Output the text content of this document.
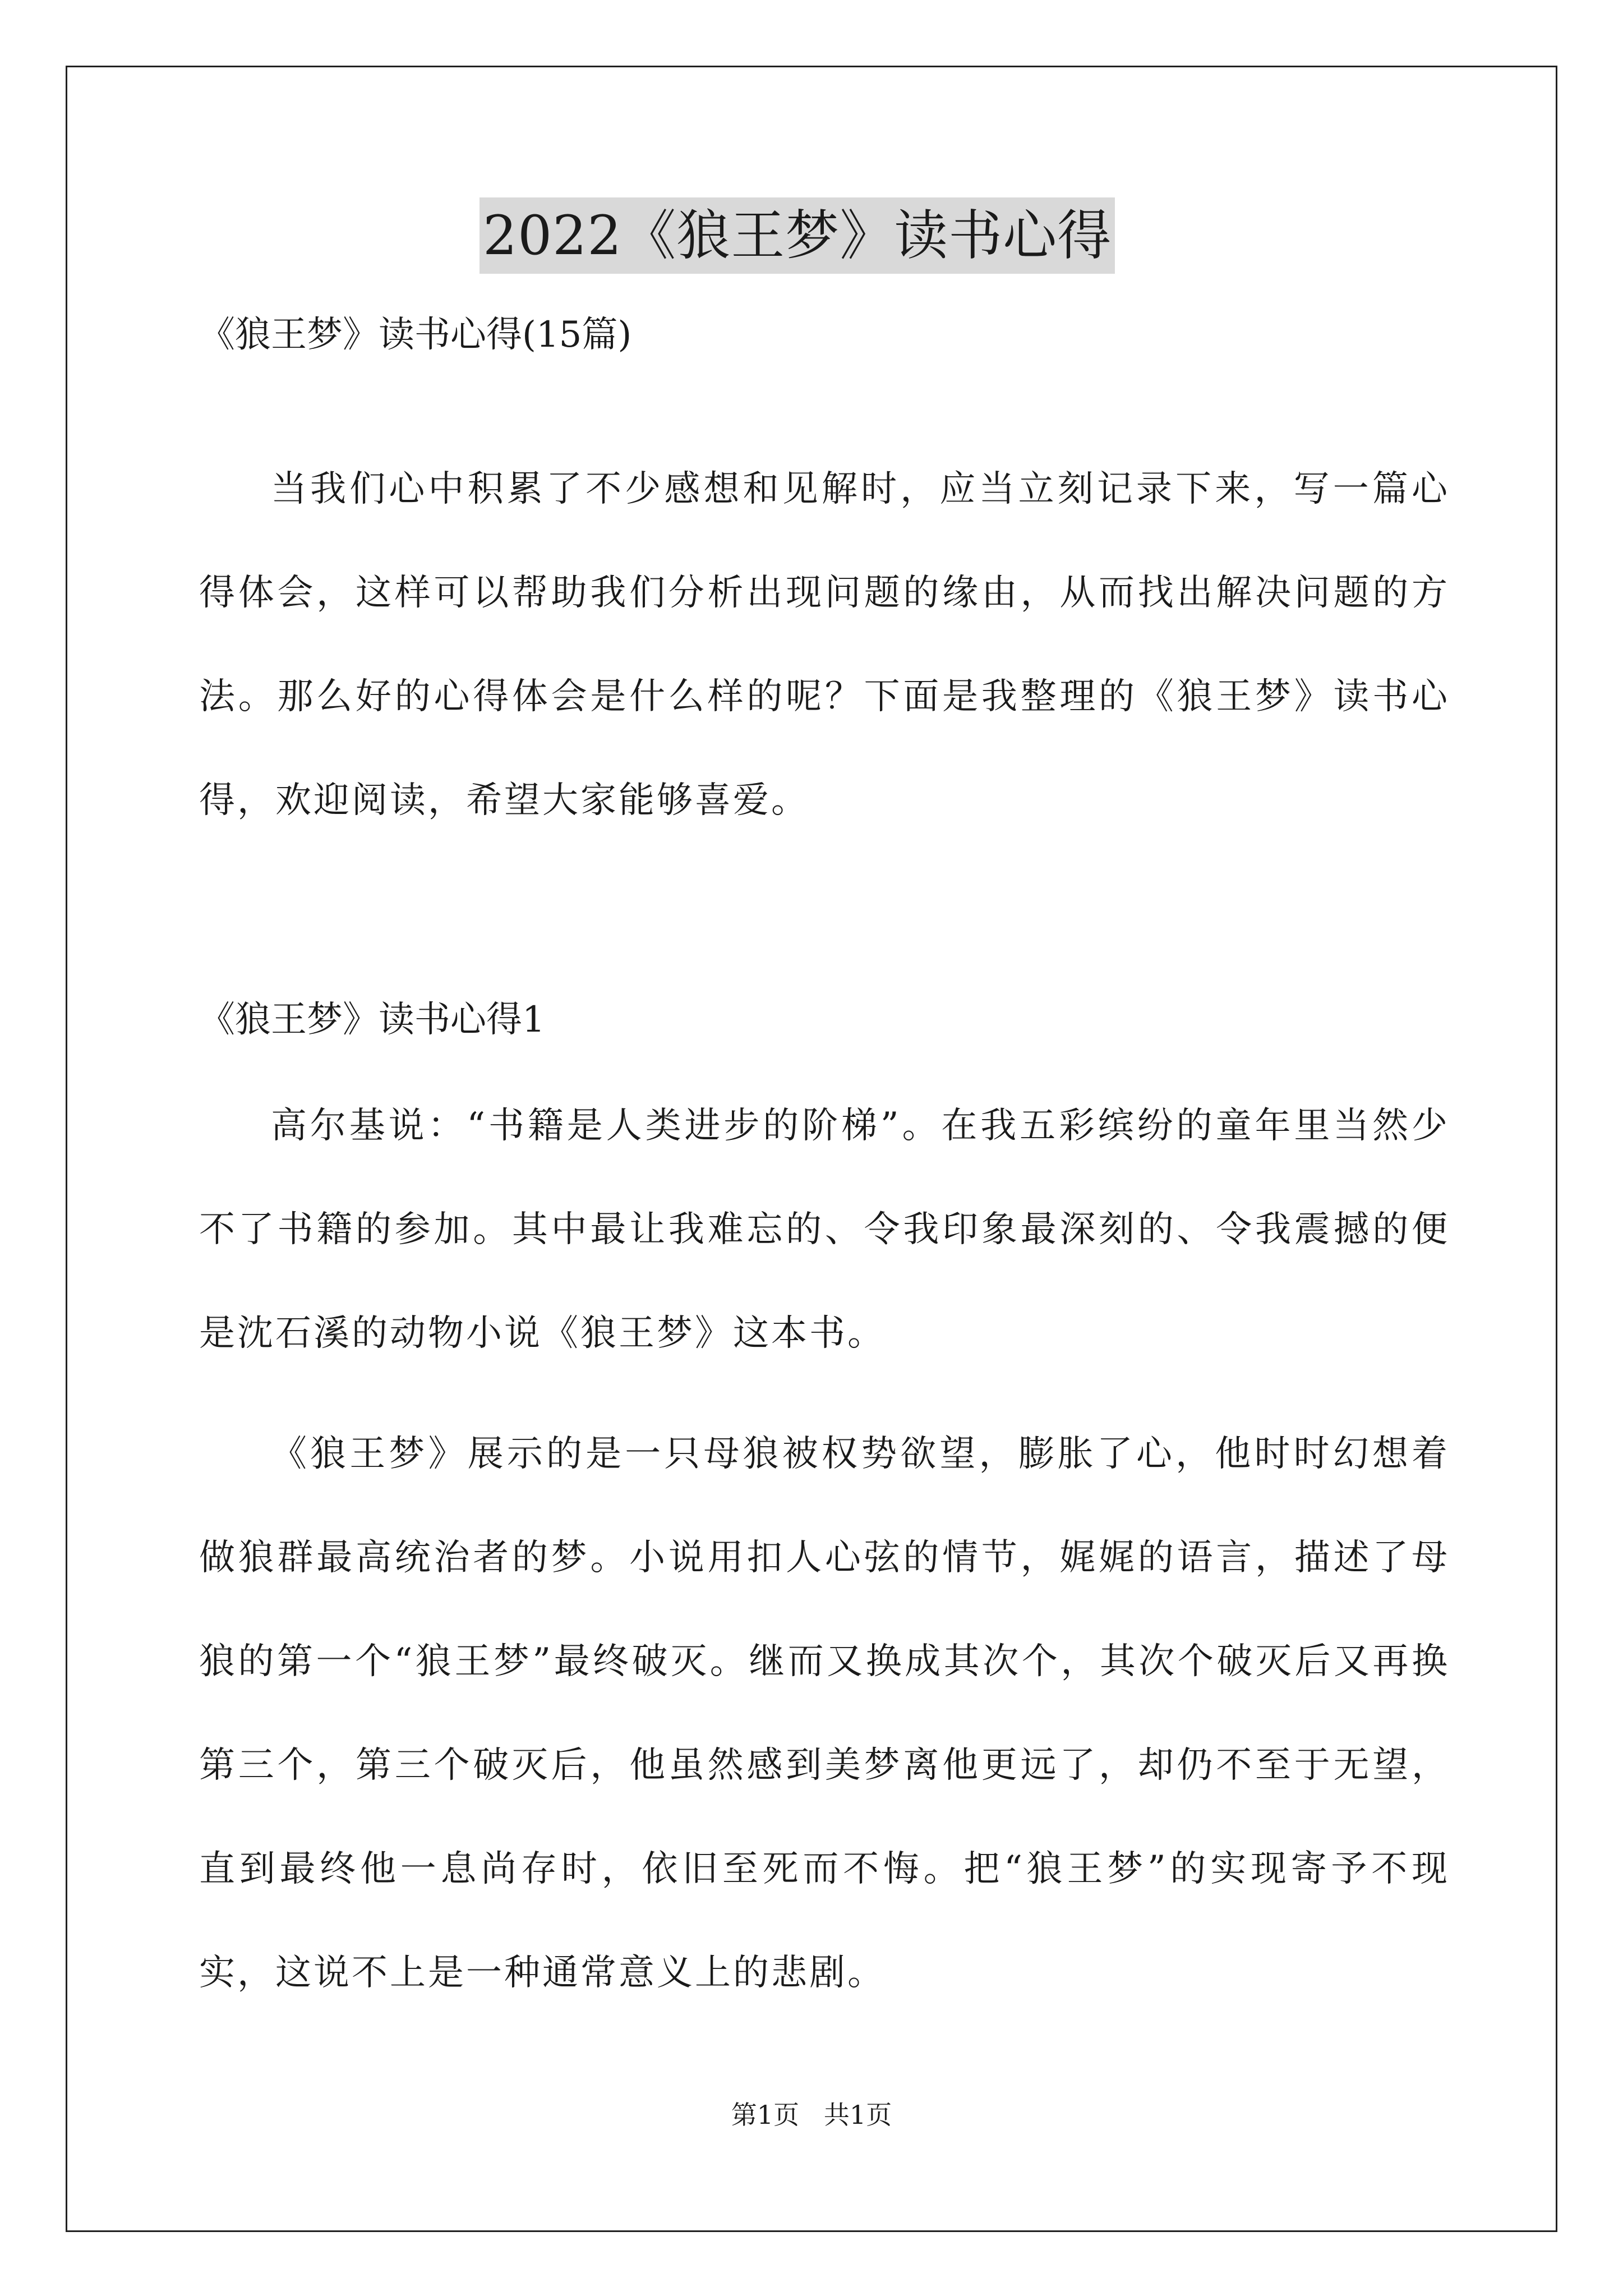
2022《狼王梦》读书心得
《狼王梦》读书心得(15篇)

当我们心中积累了不少感想和见解时，应当立刻记录下来，写一篇心得体会，这样可以帮助我们分析出现问题的缘由，从而找出解决问题的方法。那么好的心得体会是什么样的呢？下面是我整理的《狼王梦》读书心得，欢迎阅读，希望大家能够喜爱。

《狼王梦》读书心得1

高尔基说：“书籍是人类进步的阶梯”。在我五彩缤纷的童年里当然少不了书籍的参加。其中最让我难忘的、令我印象最深刻的、令我震撼的便是沈石溪的动物小说《狼王梦》这本书。

《狼王梦》展示的是一只母狼被权势欲望，膨胀了心，他时时幻想着做狼群最高统治者的梦。小说用扣人心弦的情节，娓娓的语言，描述了母狼的第一个“狼王梦”最终破灭。继而又换成其次个，其次个破灭后又再换第三个，第三个破灭后，他虽然感到美梦离他更远了，却仍不至于无望，直到最终他一息尚存时，依旧至死而不悔。把“狼王梦”的实现寄予不现实，这说不上是一种通常意义上的悲剧。

第1页   共1页
